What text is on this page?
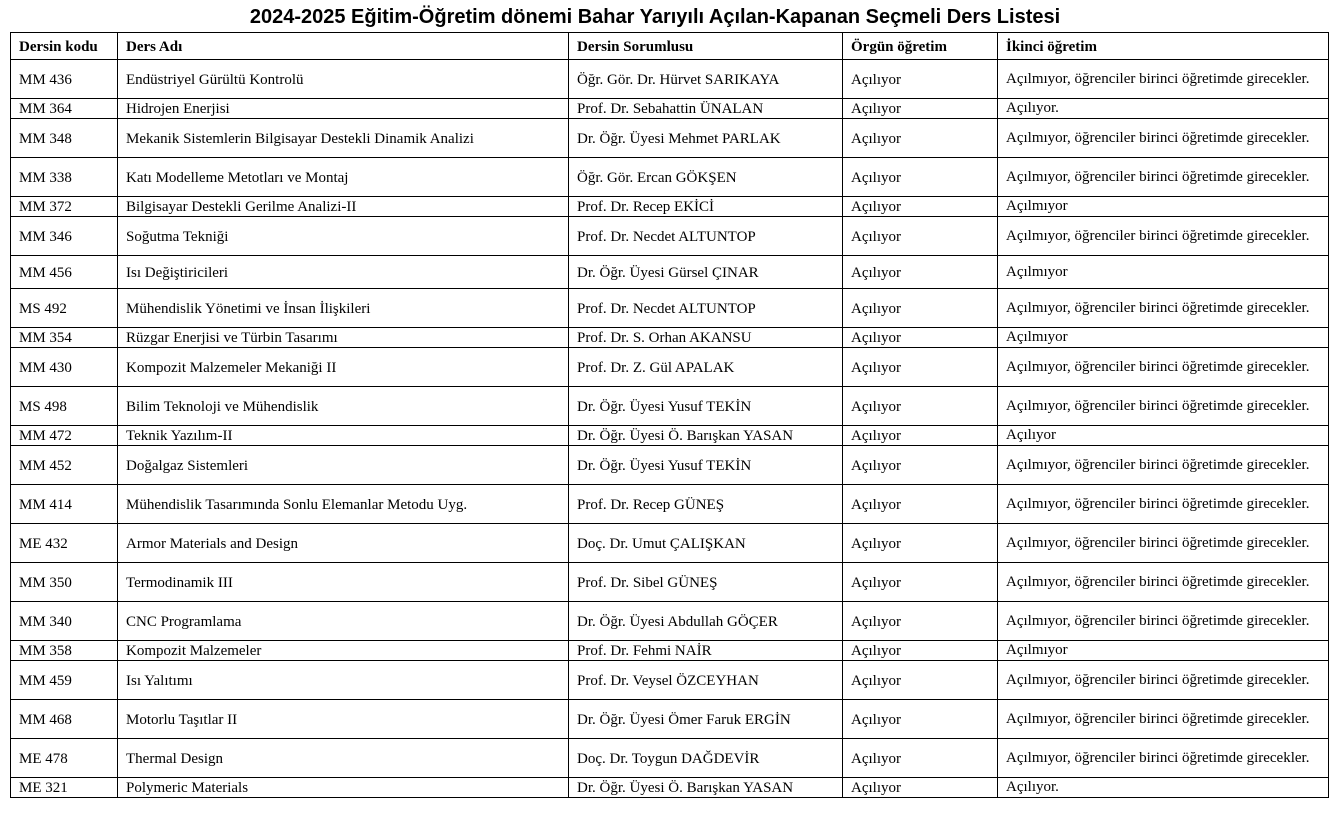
2024-2025 Eğitim-Öğretim dönemi Bahar Yarıyılı Açılan-Kapanan Seçmeli Ders Listesi
Dersin kodu	Ders Adı	Dersin Sorumlusu	Örgün öğretim	İkinci öğretim
MM 436	Endüstriyel Gürültü Kontrolü	Öğr. Gör. Dr. Hürvet SARIKAYA	Açılıyor	Açılmıyor, öğrenciler birinci öğretimde girecekler.
MM 364	Hidrojen Enerjisi	Prof. Dr. Sebahattin ÜNALAN	Açılıyor	Açılıyor.
MM 348	Mekanik Sistemlerin Bilgisayar Destekli Dinamik Analizi	Dr. Öğr. Üyesi Mehmet PARLAK	Açılıyor	Açılmıyor, öğrenciler birinci öğretimde girecekler.
MM 338	Katı Modelleme Metotları ve Montaj	Öğr. Gör. Ercan GÖKŞEN	Açılıyor	Açılmıyor, öğrenciler birinci öğretimde girecekler.
MM 372	Bilgisayar Destekli Gerilme Analizi-II	Prof. Dr. Recep EKİCİ	Açılıyor	Açılmıyor
MM 346	Soğutma Tekniği	Prof. Dr. Necdet ALTUNTOP	Açılıyor	Açılmıyor, öğrenciler birinci öğretimde girecekler.
MM 456	Isı Değiştiricileri	Dr. Öğr. Üyesi Gürsel ÇINAR	Açılıyor	Açılmıyor
MS 492	Mühendislik Yönetimi ve İnsan İlişkileri	Prof. Dr. Necdet ALTUNTOP	Açılıyor	Açılmıyor, öğrenciler birinci öğretimde girecekler.
MM 354	Rüzgar Enerjisi ve Türbin Tasarımı	Prof. Dr. S. Orhan AKANSU	Açılıyor	Açılmıyor
MM 430	Kompozit Malzemeler Mekaniği II	Prof. Dr. Z. Gül APALAK	Açılıyor	Açılmıyor, öğrenciler birinci öğretimde girecekler.
MS 498	Bilim Teknoloji ve Mühendislik	Dr. Öğr. Üyesi Yusuf TEKİN	Açılıyor	Açılmıyor, öğrenciler birinci öğretimde girecekler.
MM 472	Teknik Yazılım-II	Dr. Öğr. Üyesi Ö. Barışkan YASAN	Açılıyor	Açılıyor
MM 452	Doğalgaz Sistemleri	Dr. Öğr. Üyesi Yusuf TEKİN	Açılıyor	Açılmıyor, öğrenciler birinci öğretimde girecekler.
MM 414	Mühendislik Tasarımında Sonlu Elemanlar Metodu Uyg.	Prof. Dr. Recep GÜNEŞ	Açılıyor	Açılmıyor, öğrenciler birinci öğretimde girecekler.
ME 432	Armor Materials and Design	Doç. Dr. Umut ÇALIŞKAN	Açılıyor	Açılmıyor, öğrenciler birinci öğretimde girecekler.
MM 350	Termodinamik III	Prof. Dr. Sibel GÜNEŞ	Açılıyor	Açılmıyor, öğrenciler birinci öğretimde girecekler.
MM 340	CNC Programlama	Dr. Öğr. Üyesi Abdullah GÖÇER	Açılıyor	Açılmıyor, öğrenciler birinci öğretimde girecekler.
MM 358	Kompozit Malzemeler	Prof. Dr. Fehmi NAİR	Açılıyor	Açılmıyor
MM 459	Isı Yalıtımı	Prof. Dr. Veysel ÖZCEYHAN	Açılıyor	Açılmıyor, öğrenciler birinci öğretimde girecekler.
MM 468	Motorlu Taşıtlar II	Dr. Öğr. Üyesi Ömer Faruk ERGİN	Açılıyor	Açılmıyor, öğrenciler birinci öğretimde girecekler.
ME 478	Thermal Design	Doç. Dr. Toygun DAĞDEVİR	Açılıyor	Açılmıyor, öğrenciler birinci öğretimde girecekler.
ME 321	Polymeric Materials	Dr. Öğr. Üyesi Ö. Barışkan YASAN	Açılıyor	Açılıyor.
